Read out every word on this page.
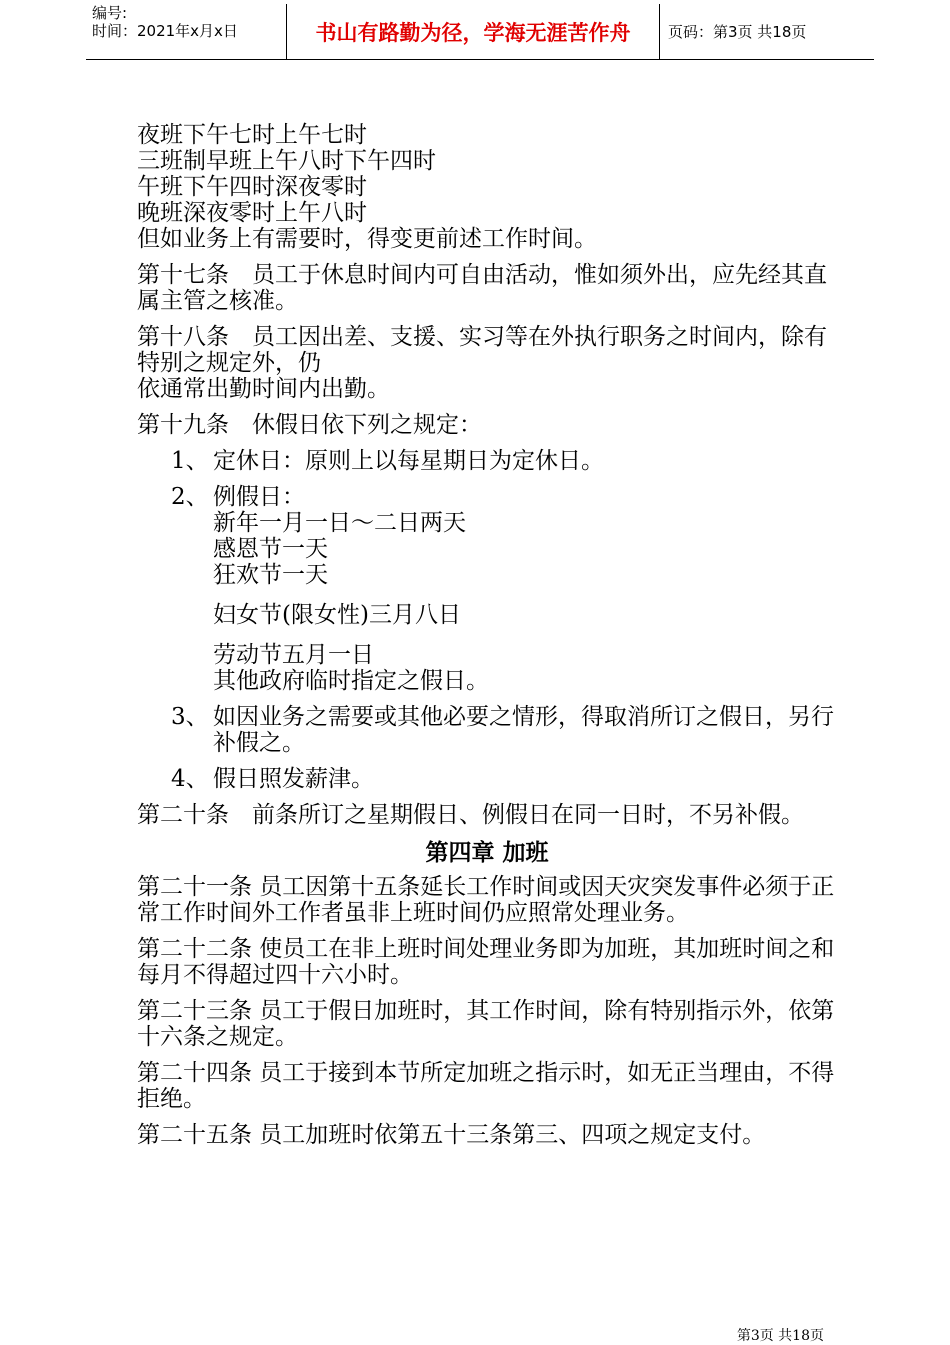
编号:
时间：2021年x月x日	书山有路勤为径，学海无涯苦作舟	页码：第3页 共18页

夜班下午七时上午七时

三班制早班上午八时下午四时

午班下午四时深夜零时

晚班深夜零时上午八时

但如业务上有需要时，得变更前述工作时间。

第十七条　员工于休息时间内可自由活动，惟如须外出，应先经其直属主管之核准。

第十八条　员工因出差、支援、实习等在外执行职务之时间内，除有特别之规定外，仍

依通常出勤时间内出勤。

第十九条　休假日依下列之规定：

1、 定休日：原则上以每星期日为定休日。
2、 例假日：

新年一月一日～二日两天

感恩节一天

狂欢节一天

妇女节(限女性)三月八日

劳动节五月一日

其他政府临时指定之假日。

3、 如因业务之需要或其他必要之情形，得取消所订之假日，另行补假之。
4、 假日照发薪津。

第二十条　前条所订之星期假日、例假日在同一日时，不另补假。

第四章 加班

第二十一条 员工因第十五条延长工作时间或因天灾突发事件必须于正常工作时间外工作者虽非上班时间仍应照常处理业务。

第二十二条 使员工在非上班时间处理业务即为加班，其加班时间之和每月不得超过四十六小时。

第二十三条 员工于假日加班时，其工作时间，除有特别指示外，依第十六条之规定。

第二十四条 员工于接到本节所定加班之指示时，如无正当理由，不得拒绝。

第二十五条 员工加班时依第五十三条第三、四项之规定支付。

第3页 共18页
